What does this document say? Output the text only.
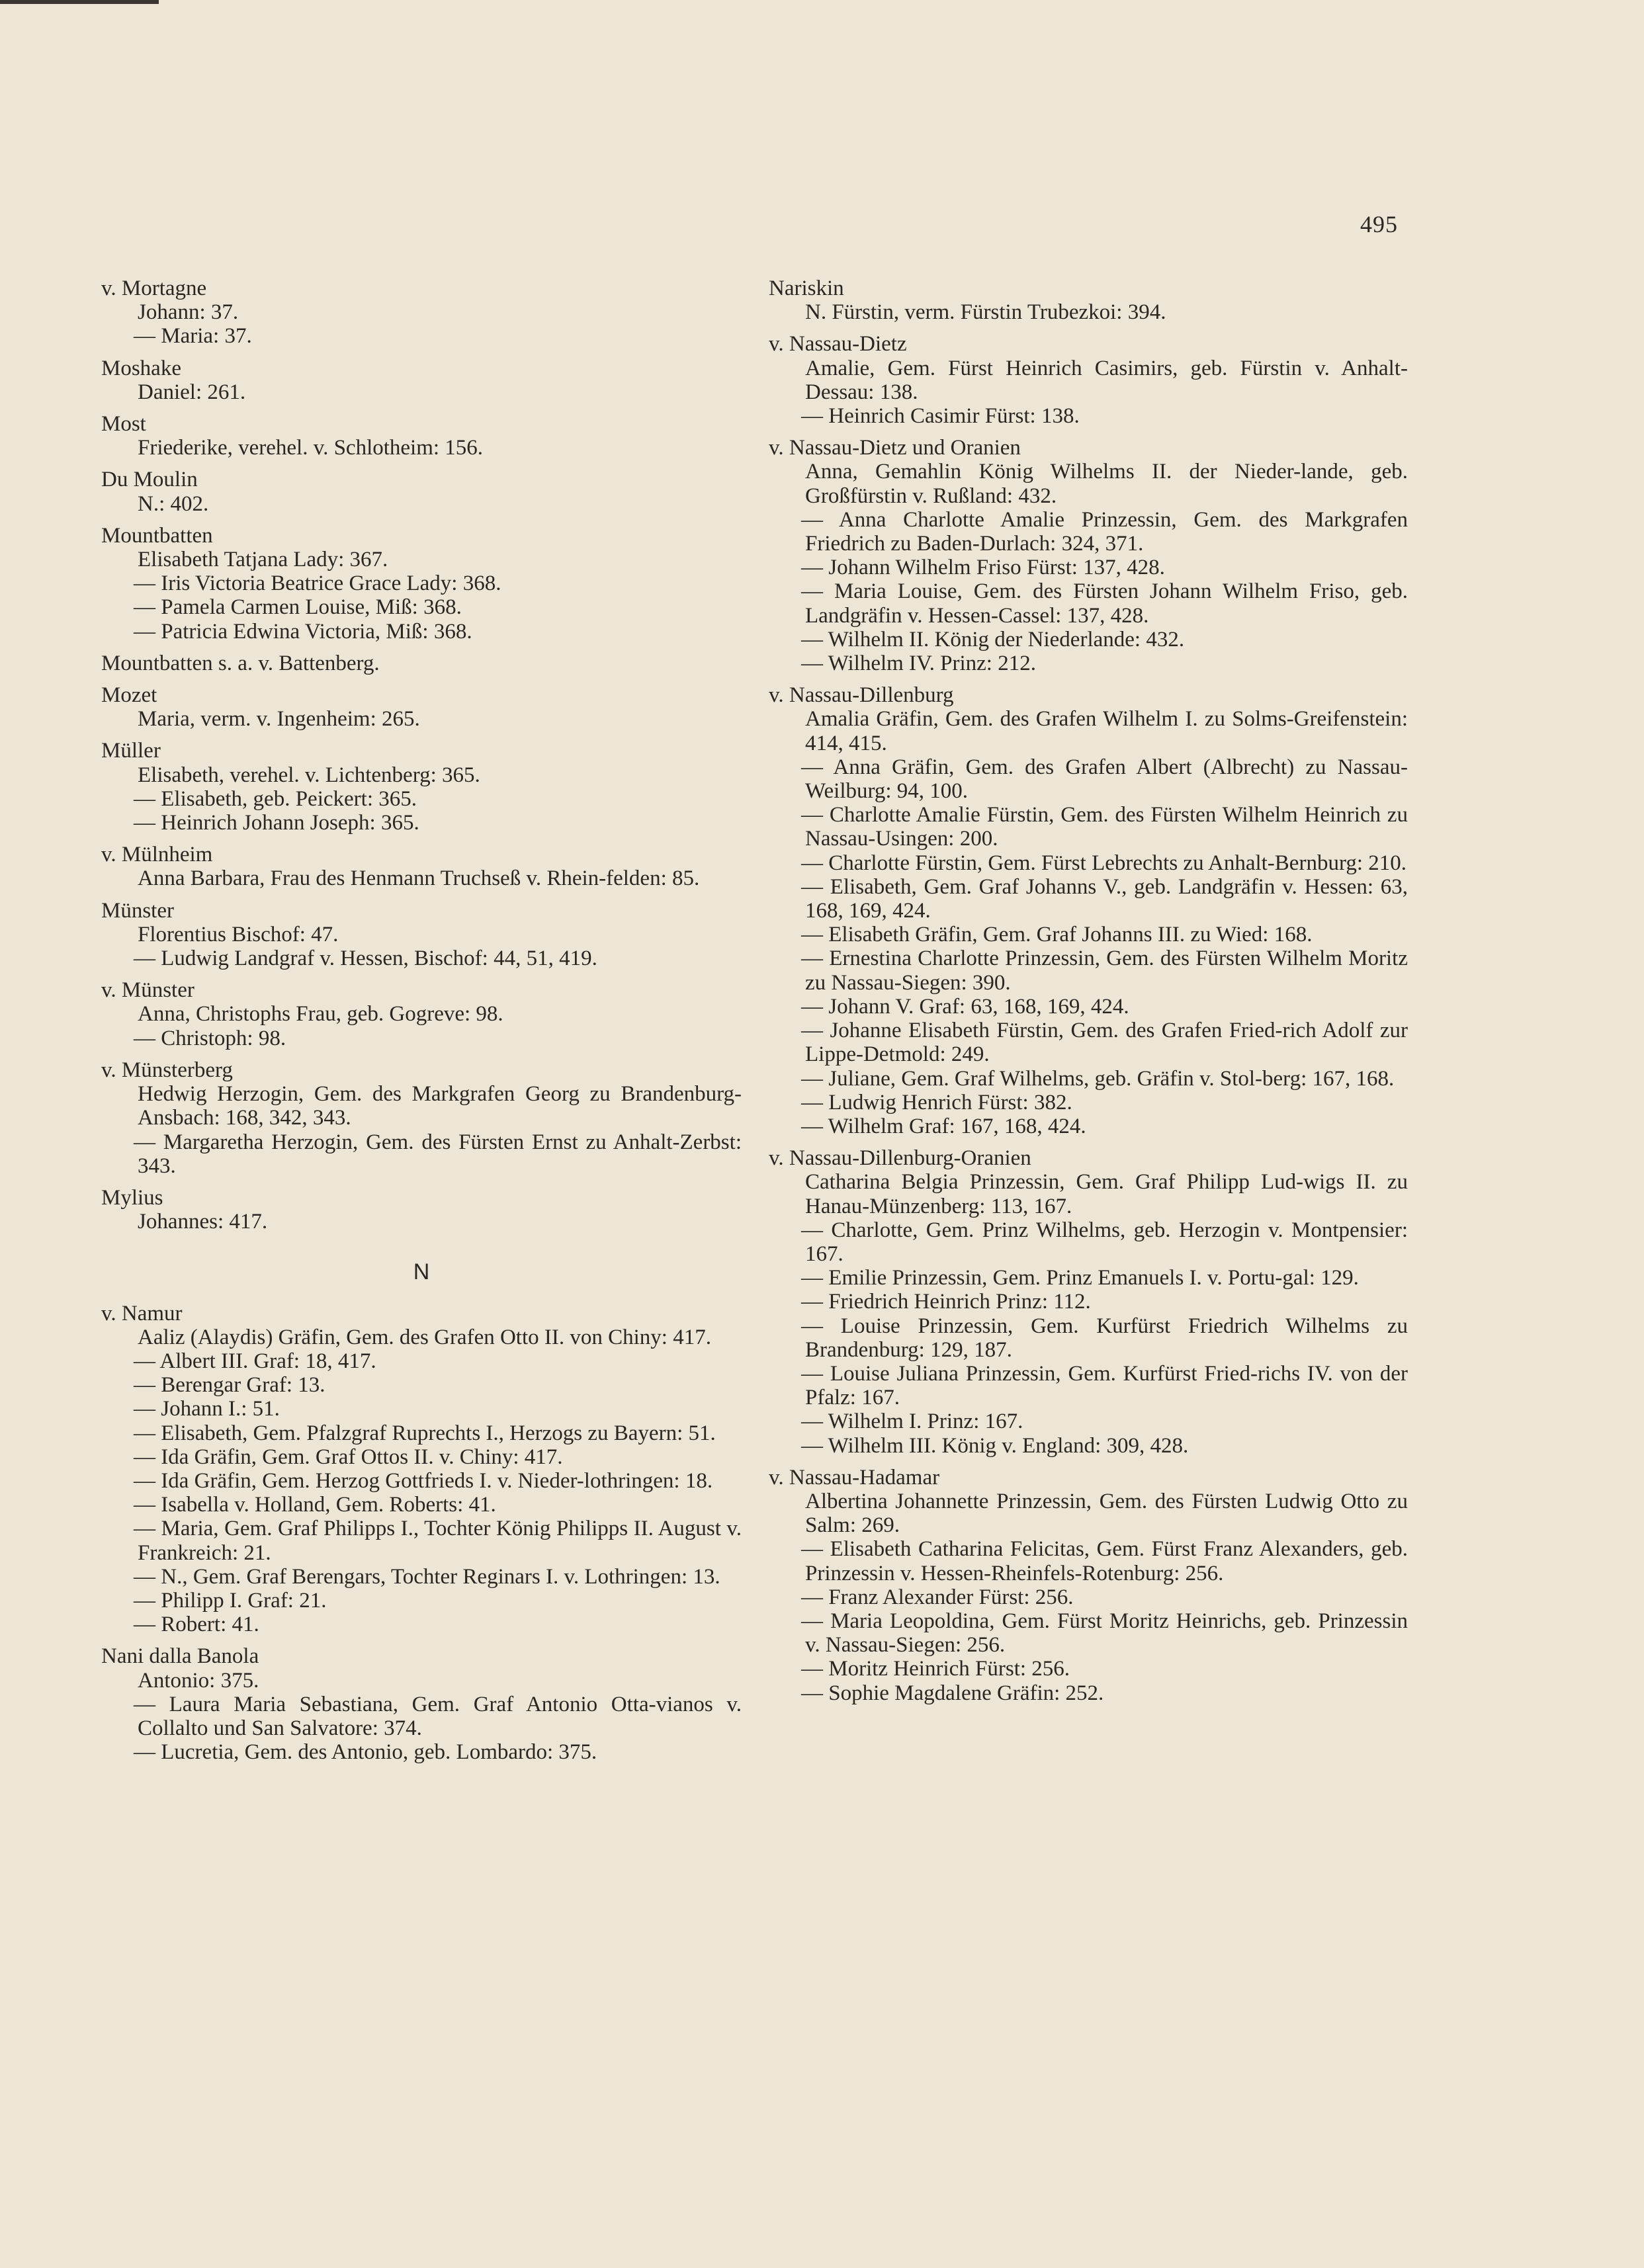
495
v. Mortagne
Johann: 37.
— Maria: 37.
Moshake
Daniel: 261.
Most
Friederike, verehel. v. Schlotheim: 156.
Du Moulin
N.: 402.
Mountbatten
Elisabeth Tatjana Lady: 367.
— Iris Victoria Beatrice Grace Lady: 368.
— Pamela Carmen Louise, Miß: 368.
— Patricia Edwina Victoria, Miß: 368.
Mountbatten s. a. v. Battenberg.
Mozet
Maria, verm. v. Ingenheim: 265.
Müller
Elisabeth, verehel. v. Lichtenberg: 365.
— Elisabeth, geb. Peickert: 365.
— Heinrich Johann Joseph: 365.
v. Mülnheim
Anna Barbara, Frau des Henmann Truchseß v. Rhein-felden: 85.
Münster
Florentius Bischof: 47.
— Ludwig Landgraf v. Hessen, Bischof: 44, 51, 419.
v. Münster
Anna, Christophs Frau, geb. Gogreve: 98.
— Christoph: 98.
v. Münsterberg
Hedwig Herzogin, Gem. des Markgrafen Georg zu Brandenburg-Ansbach: 168, 342, 343.
— Margaretha Herzogin, Gem. des Fürsten Ernst zu Anhalt-Zerbst: 343.
Mylius
Johannes: 417.
N
v. Namur
Aaliz (Alaydis) Gräfin, Gem. des Grafen Otto II. von Chiny: 417.
— Albert III. Graf: 18, 417.
— Berengar Graf: 13.
— Johann I.: 51.
— Elisabeth, Gem. Pfalzgraf Ruprechts I., Herzogs zu Bayern: 51.
— Ida Gräfin, Gem. Graf Ottos II. v. Chiny: 417.
— Ida Gräfin, Gem. Herzog Gottfrieds I. v. Nieder-lothringen: 18.
— Isabella v. Holland, Gem. Roberts: 41.
— Maria, Gem. Graf Philipps I., Tochter König Philipps II. August v. Frankreich: 21.
— N., Gem. Graf Berengars, Tochter Reginars I. v. Lothringen: 13.
— Philipp I. Graf: 21.
— Robert: 41.
Nani dalla Banola
Antonio: 375.
— Laura Maria Sebastiana, Gem. Graf Antonio Otta-vianos v. Collalto und San Salvatore: 374.
— Lucretia, Gem. des Antonio, geb. Lombardo: 375.
Nariskin
N. Fürstin, verm. Fürstin Trubezkoi: 394.
v. Nassau-Dietz
Amalie, Gem. Fürst Heinrich Casimirs, geb. Fürstin v. Anhalt-Dessau: 138.
— Heinrich Casimir Fürst: 138.
v. Nassau-Dietz und Oranien
Anna, Gemahlin König Wilhelms II. der Nieder-lande, geb. Großfürstin v. Rußland: 432.
— Anna Charlotte Amalie Prinzessin, Gem. des Markgrafen Friedrich zu Baden-Durlach: 324, 371.
— Johann Wilhelm Friso Fürst: 137, 428.
— Maria Louise, Gem. des Fürsten Johann Wilhelm Friso, geb. Landgräfin v. Hessen-Cassel: 137, 428.
— Wilhelm II. König der Niederlande: 432.
— Wilhelm IV. Prinz: 212.
v. Nassau-Dillenburg
Amalia Gräfin, Gem. des Grafen Wilhelm I. zu Solms-Greifenstein: 414, 415.
— Anna Gräfin, Gem. des Grafen Albert (Albrecht) zu Nassau-Weilburg: 94, 100.
— Charlotte Amalie Fürstin, Gem. des Fürsten Wilhelm Heinrich zu Nassau-Usingen: 200.
— Charlotte Fürstin, Gem. Fürst Lebrechts zu Anhalt-Bernburg: 210.
— Elisabeth, Gem. Graf Johanns V., geb. Landgräfin v. Hessen: 63, 168, 169, 424.
— Elisabeth Gräfin, Gem. Graf Johanns III. zu Wied: 168.
— Ernestina Charlotte Prinzessin, Gem. des Fürsten Wilhelm Moritz zu Nassau-Siegen: 390.
— Johann V. Graf: 63, 168, 169, 424.
— Johanne Elisabeth Fürstin, Gem. des Grafen Fried-rich Adolf zur Lippe-Detmold: 249.
— Juliane, Gem. Graf Wilhelms, geb. Gräfin v. Stol-berg: 167, 168.
— Ludwig Henrich Fürst: 382.
— Wilhelm Graf: 167, 168, 424.
v. Nassau-Dillenburg-Oranien
Catharina Belgia Prinzessin, Gem. Graf Philipp Lud-wigs II. zu Hanau-Münzenberg: 113, 167.
— Charlotte, Gem. Prinz Wilhelms, geb. Herzogin v. Montpensier: 167.
— Emilie Prinzessin, Gem. Prinz Emanuels I. v. Portu-gal: 129.
— Friedrich Heinrich Prinz: 112.
— Louise Prinzessin, Gem. Kurfürst Friedrich Wilhelms zu Brandenburg: 129, 187.
— Louise Juliana Prinzessin, Gem. Kurfürst Fried-richs IV. von der Pfalz: 167.
— Wilhelm I. Prinz: 167.
— Wilhelm III. König v. England: 309, 428.
v. Nassau-Hadamar
Albertina Johannette Prinzessin, Gem. des Fürsten Ludwig Otto zu Salm: 269.
— Elisabeth Catharina Felicitas, Gem. Fürst Franz Alexanders, geb. Prinzessin v. Hessen-Rheinfels-Rotenburg: 256.
— Franz Alexander Fürst: 256.
— Maria Leopoldina, Gem. Fürst Moritz Heinrichs, geb. Prinzessin v. Nassau-Siegen: 256.
— Moritz Heinrich Fürst: 256.
— Sophie Magdalene Gräfin: 252.
